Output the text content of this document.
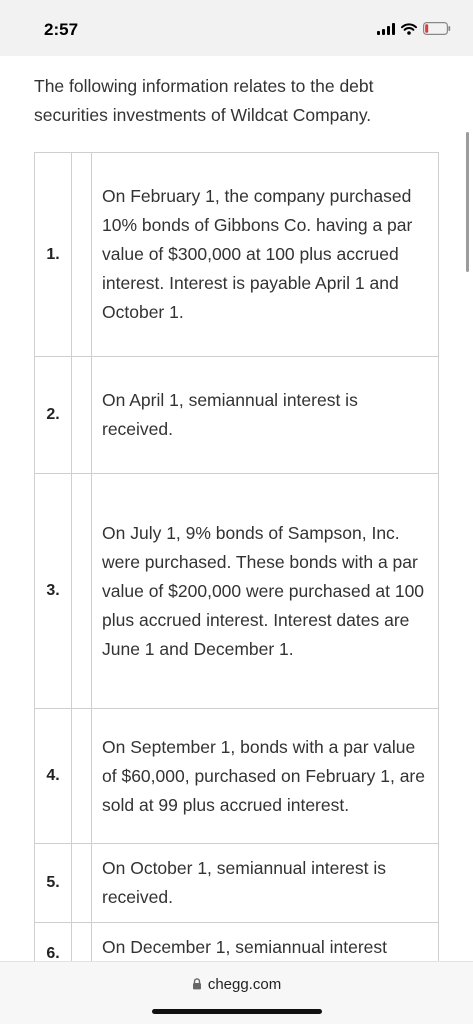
2:57

The following information relates to the debt securities investments of Wildcat Company.

1.		On February 1, the company purchased 10% bonds of Gibbons Co. having a par value of $300,000 at 100 plus accrued interest. Interest is payable April 1 and October 1.
2.		On April 1, semiannual interest is received.
3.		On July 1, 9% bonds of Sampson, Inc. were purchased. These bonds with a par value of $200,000 were purchased at 100 plus accrued interest. Interest dates are June 1 and December 1.
4.		On September 1, bonds with a par value of $60,000, purchased on February 1, are sold at 99 plus accrued interest.
5.		On October 1, semiannual interest is received.
6.		On December 1, semiannual interest
chegg.com
